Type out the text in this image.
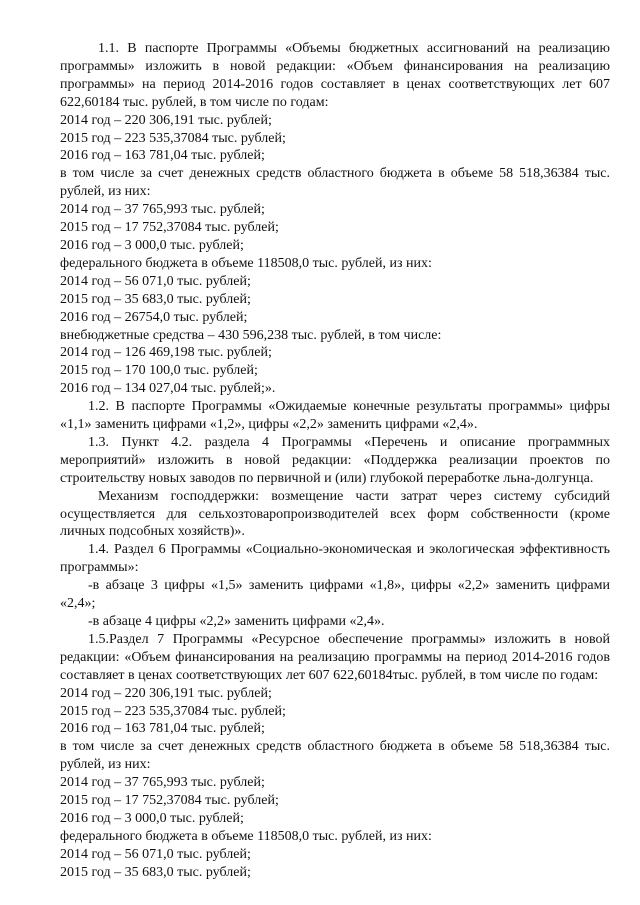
1.1. В паспорте Программы «Объемы бюджетных ассигнований на реализацию программы» изложить в новой редакции: «Объем финансирования на реализацию программы» на период 2014-2016 годов составляет в ценах соответствующих лет 607 622,60184 тыс. рублей, в том числе по годам:

2014 год – 220 306,191 тыс. рублей;

2015 год – 223 535,37084 тыс. рублей;

2016 год – 163 781,04 тыс. рублей;

в том числе за счет денежных средств областного бюджета в объеме 58 518,36384 тыс. рублей, из них:

2014 год – 37 765,993 тыс. рублей;

2015 год – 17 752,37084 тыс. рублей;

2016 год – 3 000,0 тыс. рублей;

федерального бюджета в объеме 118508,0 тыс. рублей, из них:

2014 год – 56 071,0 тыс. рублей;

2015 год – 35 683,0 тыс. рублей;

2016 год – 26754,0 тыс. рублей;

внебюджетные средства – 430 596,238 тыс. рублей, в том числе:

2014 год – 126 469,198 тыс. рублей;

2015 год – 170 100,0 тыс. рублей;

2016 год – 134 027,04 тыс. рублей;».

1.2. В паспорте Программы «Ожидаемые конечные результаты программы» цифры «1,1» заменить цифрами «1,2», цифры «2,2» заменить цифрами «2,4».

1.3. Пункт 4.2. раздела 4 Программы «Перечень и описание программных мероприятий» изложить в новой редакции: «Поддержка реализации проектов по строительству новых заводов по первичной и (или) глубокой переработке льна-долгунца.

Механизм господдержки: возмещение части затрат через систему субсидий осуществляется для сельхозтоваропроизводителей всех форм собственности (кроме личных подсобных хозяйств)».

1.4. Раздел 6 Программы «Социально-экономическая и экологическая эффективность программы»:

-в абзаце 3 цифры «1,5» заменить цифрами «1,8», цифры «2,2» заменить цифрами «2,4»;

-в абзаце 4 цифры «2,2» заменить цифрами «2,4».

1.5.Раздел 7 Программы «Ресурсное обеспечение программы» изложить в новой редакции: «Объем финансирования на реализацию программы на период 2014-2016 годов составляет в ценах соответствующих лет 607 622,60184тыс. рублей, в том числе по годам:

2014 год – 220 306,191 тыс. рублей;

2015 год – 223 535,37084 тыс. рублей;

2016 год – 163 781,04 тыс. рублей;

в том числе за счет денежных средств областного бюджета в объеме 58 518,36384 тыс. рублей, из них:

2014 год – 37 765,993 тыс. рублей;

2015 год – 17 752,37084 тыс. рублей;

2016 год – 3 000,0 тыс. рублей;

федерального бюджета в объеме 118508,0 тыс. рублей, из них:

2014 год – 56 071,0 тыс. рублей;

2015 год – 35 683,0 тыс. рублей;
